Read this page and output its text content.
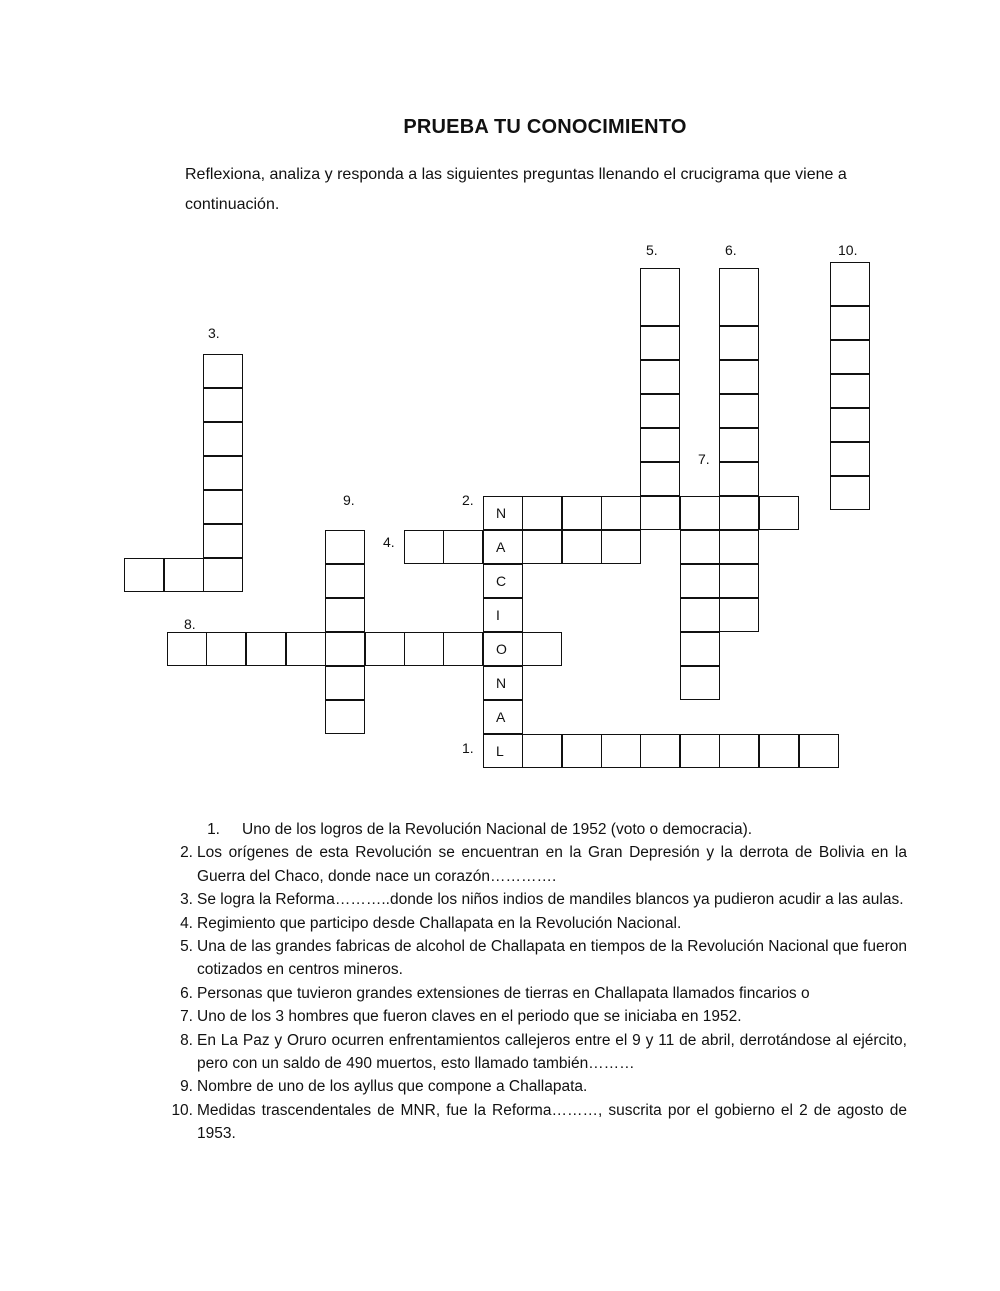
PRUEBA TU CONOCIMIENTO
Reflexiona, analiza y responda a las siguientes preguntas llenando el crucigrama que viene a continuación.
N
A
C
I
O
N
A
L
1.
2.
3.
4.
5.	6.
7.
8.
9.
10.
1. Uno de los logros de la Revolución Nacional de 1952 (voto o democracia).
2. Los orígenes de esta Revolución se encuentran en la Gran Depresión y la derrota de Bolivia en la Guerra del Chaco, donde nace un corazón………….
3. Se logra la Reforma………..donde los niños indios de mandiles blancos ya pudieron acudir a las aulas.
4. Regimiento que participo desde Challapata en la Revolución Nacional.
5. Una de las grandes fabricas de alcohol de Challapata en tiempos de la Revolución Nacional que fueron cotizados en centros mineros.
6. Personas que tuvieron grandes extensiones de tierras en Challapata llamados fincarios o
7. Uno de los 3 hombres que fueron claves en el periodo que se iniciaba en 1952.
8. En La Paz y Oruro ocurren enfrentamientos callejeros entre el 9 y 11 de abril, derrotándose al ejército, pero con un saldo de 490 muertos, esto llamado también………
9. Nombre de uno de los ayllus que compone a Challapata.
10. Medidas trascendentales de MNR, fue la Reforma………, suscrita por el gobierno el 2 de agosto de 1953.
